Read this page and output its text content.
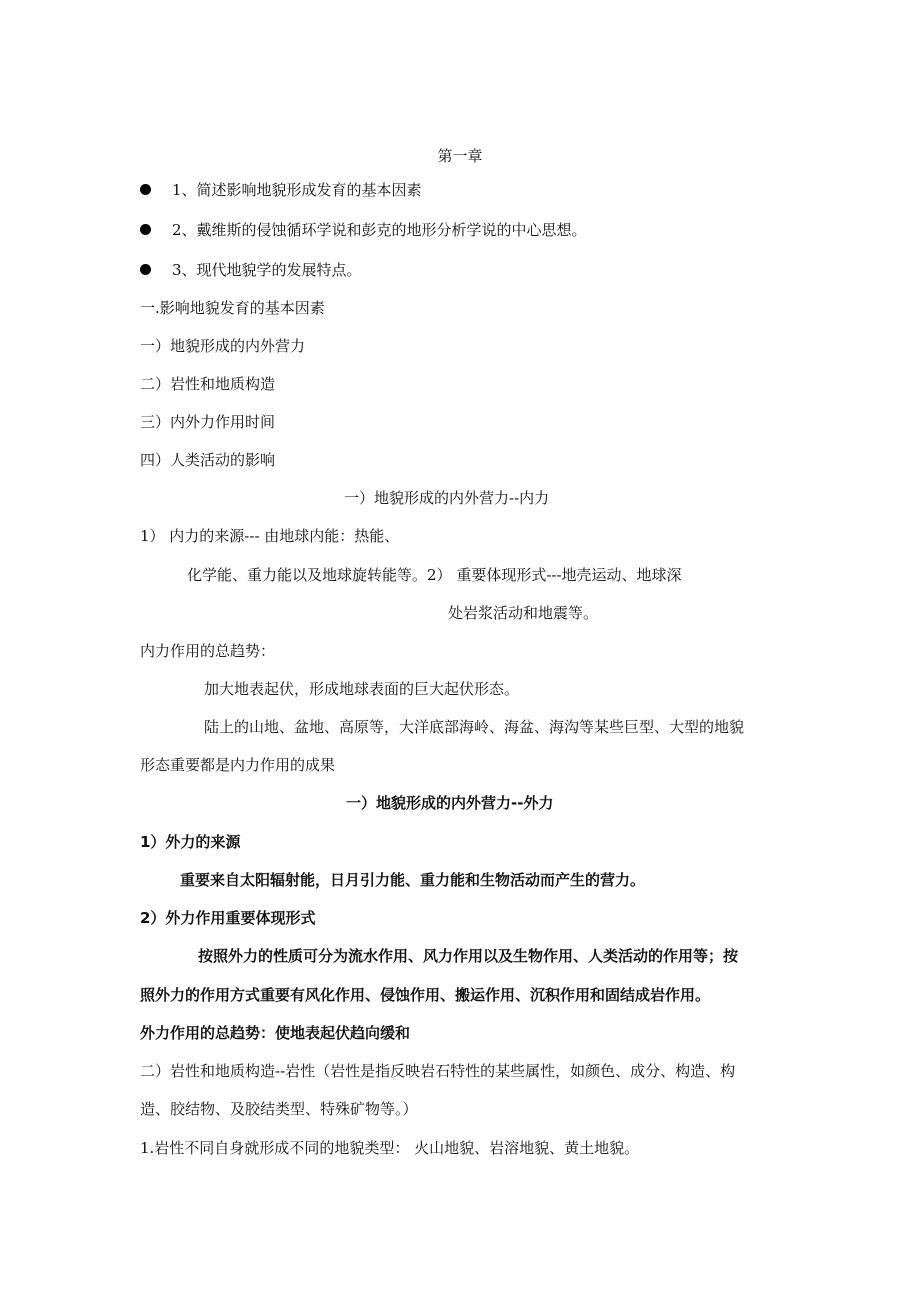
第一章
1、简述影响地貌形成发育的基本因素
2、戴维斯的侵蚀循环学说和彭克的地形分析学说的中心思想。
3、现代地貌学的发展特点。
一.影响地貌发育的基本因素
一）地貌形成的内外营力
二）岩性和地质构造
三）内外力作用时间
四）人类活动的影响
一）地貌形成的内外营力--内力
1） 内力的来源--- 由地球内能：热能、
化学能、重力能以及地球旋转能等。2） 重要体现形式---地壳运动、地球深
处岩浆活动和地震等。
内力作用的总趋势：
加大地表起伏，形成地球表面的巨大起伏形态。
陆上的山地、盆地、高原等，大洋底部海岭、海盆、海沟等某些巨型、大型的地貌
形态重要都是内力作用的成果
一）地貌形成的内外营力--外力
1）外力的来源
重要来自太阳辐射能，日月引力能、重力能和生物活动而产生的营力。
2）外力作用重要体现形式
按照外力的性质可分为流水作用、风力作用以及生物作用、人类活动的作用等；按
照外力的作用方式重要有风化作用、侵蚀作用、搬运作用、沉积作用和固结成岩作用。
外力作用的总趋势：使地表起伏趋向缓和
二）岩性和地质构造--岩性（岩性是指反映岩石特性的某些属性，如颜色、成分、构造、构
造、胶结物、及胶结类型、特殊矿物等。）
1.岩性不同自身就形成不同的地貌类型： 火山地貌、岩溶地貌、黄土地貌。
